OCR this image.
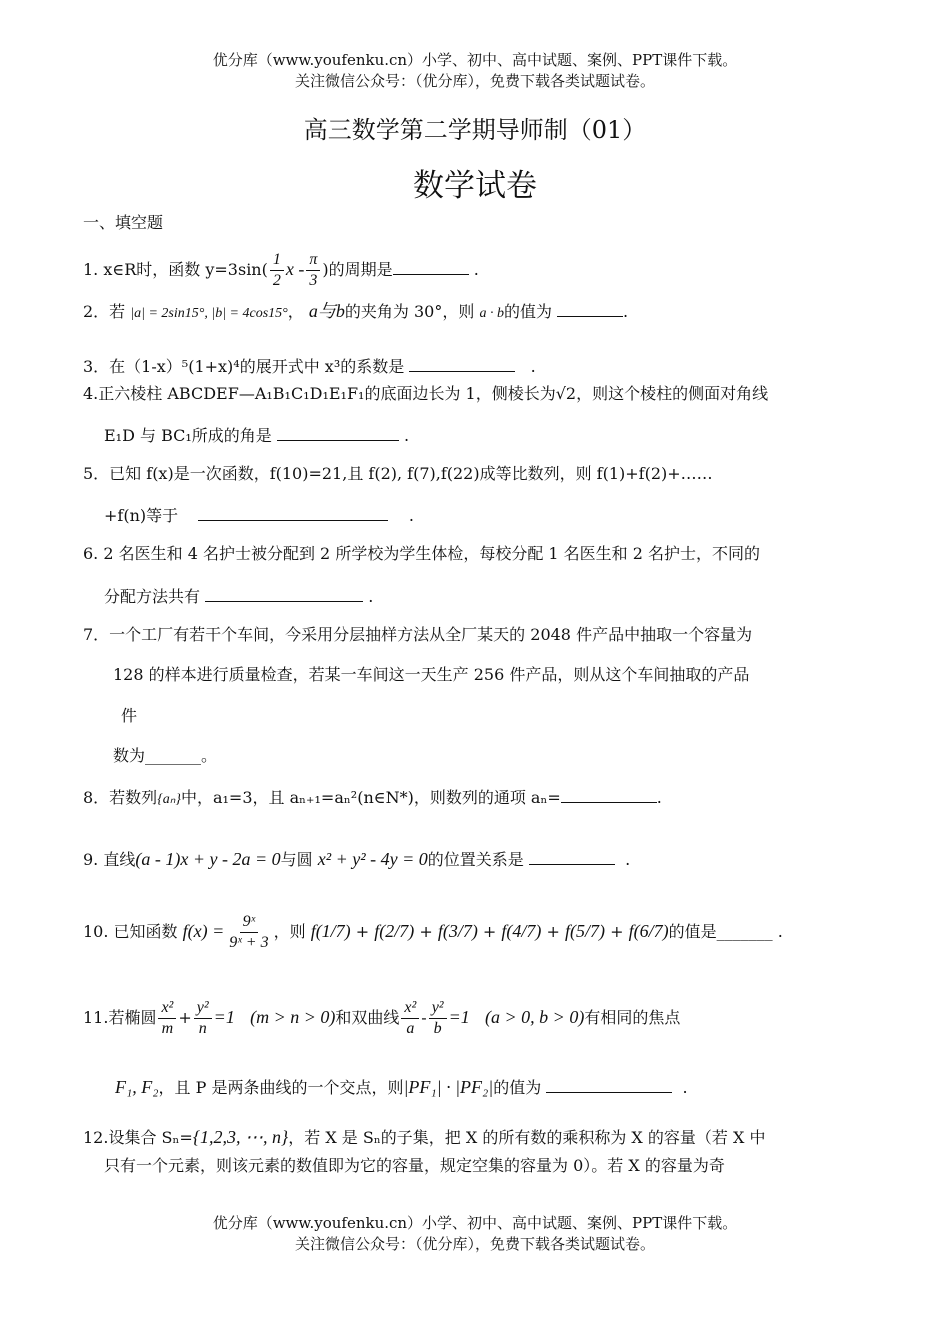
优分库（www.youfenku.cn）小学、初中、高中试题、案例、PPT课件下载。
关注微信公众号：（优分库），免费下载各类试题试卷。
高三数学第二学期导师制（01）
数学试卷
一、填空题
1. x∈R时，函数 $y=3\sin( \frac{1}{2}$ x - $\frac{\pi}{3}$ )的周期是	.
2．若 |a| = 2sin15°, |b| = 4cos15°， a与b的夹角为 30°，则 a · b的值为	.
3．在（1-x）⁵(1+x)⁴的展开式中 x³的系数是	.
4.正六棱柱 ABCDEF—A₁B₁C₁D₁E₁F₁的底面边长为 1，侧棱长为√2，则这个棱柱的侧面对角线
E₁D 与 BC₁所成的角是	.
5．已知 f(x)是一次函数，f(10)=21,且 f(2), f(7),f(22)成等比数列，则 f(1)+f(2)+……
+f(n)等于	.
6. 2 名医生和 4 名护士被分配到 2 所学校为学生体检，每校分配 1 名医生和 2 名护士，不同的
分配方法共有	.
7．一个工厂有若干个车间，今采用分层抽样方法从全厂某天的 2048 件产品中抽取一个容量为
128 的样本进行质量检查，若某一车间这一天生产 256 件产品，则从这个车间抽取的产品
件
数为_______。
8．若数列{aₙ}中，a₁=3，且 aₙ₊₁=aₙ²(n∈N*)，则数列的通项 aₙ=	.
9. 直线(a - 1)x + y - 2a = 0与圆 x² + y² - 4y = 0的位置关系是	.
10. 已知函数 $f(x) = \frac{\text{9ˣ}}{\text{9ˣ + 3}}$ ，则 f(1/7) + f(2/7) + f(3/7) + f(4/7) + f(5/7) + f(6/7)的值是_______ .
11.若椭圆 $\frac{\text{x²}}{m} + \frac{\text{y²}}{n} =1$ (m > n > 0)和双曲线 $\frac{\text{x²}}{a} - \frac{\text{y²}}{b} =1$ (a > 0, b > 0)有相同的焦点
F₁, F₂，且 P 是两条曲线的一个交点，则|PF₁| · |PF₂|的值为	.
12.设集合 Sₙ={1,2,3, ⋯, n}，若 X 是 Sₙ的子集，把 X 的所有数的乘积称为 X 的容量（若 X 中
只有一个元素，则该元素的数值即为它的容量，规定空集的容量为 0）。若 X 的容量为奇
优分库（www.youfenku.cn）小学、初中、高中试题、案例、PPT课件下载。
关注微信公众号：（优分库），免费下载各类试题试卷。
